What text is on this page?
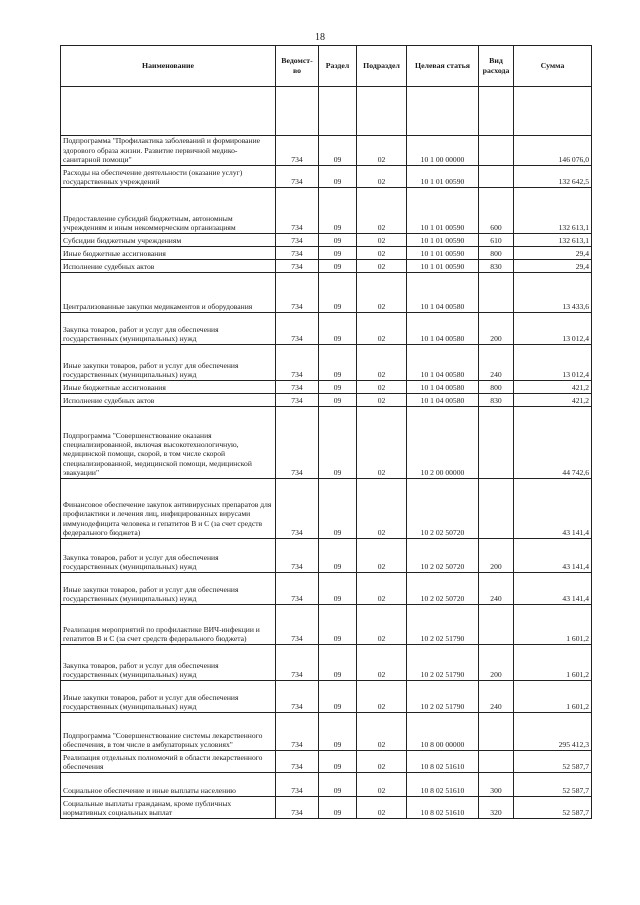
18
Наименование	Ведомст-во	Раздел	Подраздел	Целевая статья	Вид расхода	Сумма

Подпрограмма "Профилактика заболеваний и формирование здорового образа жизни. Развитие первичной медико-санитарной помощи"	734	09	02	10 1 00 00000		146 076,0
Расходы на обеспечение деятельности (оказание услуг) государственных учреждений	734	09	02	10 1 01 00590		132 642,5
Предоставление субсидий бюджетным, автономным учреждениям и иным некоммерческим организациям	734	09	02	10 1 01 00590	600	132 613,1
Субсидии бюджетным учреждениям	734	09	02	10 1 01 00590	610	132 613,1
Иные бюджетные ассигнования	734	09	02	10 1 01 00590	800	29,4
Исполнение судебных актов	734	09	02	10 1 01 00590	830	29,4
Централизованные закупки медикаментов и оборудования	734	09	02	10 1 04 00580		13 433,6
Закупка товаров, работ и услуг для обеспечения государственных (муниципальных) нужд	734	09	02	10 1 04 00580	200	13 012,4
Иные закупки товаров, работ и услуг для обеспечения государственных (муниципальных) нужд	734	09	02	10 1 04 00580	240	13 012,4
Иные бюджетные ассигнования	734	09	02	10 1 04 00580	800	421,2
Исполнение судебных актов	734	09	02	10 1 04 00580	830	421,2
Подпрограмма "Совершенствование оказания специализированной, включая высокотехнологичную, медицинской помощи, скорой, в том числе скорой специализированной, медицинской помощи, медицинской эвакуации"	734	09	02	10 2 00 00000		44 742,6
Финансовое обеспечение закупок антивирусных препаратов для профилактики и лечения лиц, инфицированных вирусами иммунодефицита человека и гепатитов В и С (за счет средств федерального бюджета)	734	09	02	10 2 02 50720		43 141,4
Закупка товаров, работ и услуг для обеспечения государственных (муниципальных) нужд	734	09	02	10 2 02 50720	200	43 141,4
Иные закупки товаров, работ и услуг для обеспечения государственных (муниципальных) нужд	734	09	02	10 2 02 50720	240	43 141,4
Реализация мероприятий по профилактике ВИЧ-инфекции и гепатитов В и С (за счет средств федерального бюджета)	734	09	02	10 2 02 51790		1 601,2
Закупка товаров, работ и услуг для обеспечения государственных (муниципальных) нужд	734	09	02	10 2 02 51790	200	1 601,2
Иные закупки товаров, работ и услуг для обеспечения государственных (муниципальных) нужд	734	09	02	10 2 02 51790	240	1 601,2
Подпрограмма "Совершенствование системы лекарственного обеспечения, в том числе в амбулаторных условиях"	734	09	02	10 8 00 00000		295 412,3
Реализация отдельных полномочий в области лекарственного обеспечения	734	09	02	10 8 02 51610		52 587,7
Социальное обеспечение и иные выплаты населению	734	09	02	10 8 02 51610	300	52 587,7
Социальные выплаты гражданам, кроме публичных нормативных социальных выплат	734	09	02	10 8 02 51610	320	52 587,7
